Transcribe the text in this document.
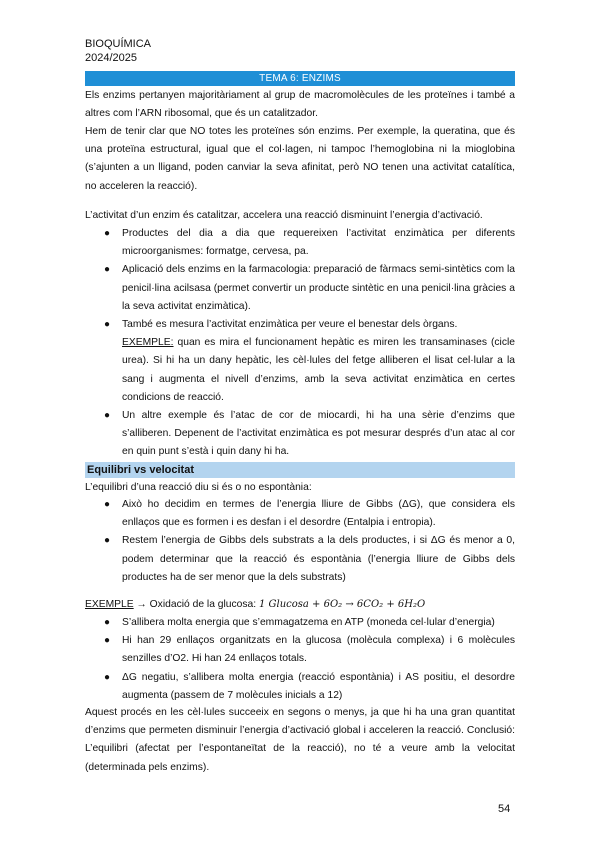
BIOQUÍMICA
2024/2025
TEMA 6: ENZIMS
Els enzims pertanyen majoritàriament al grup de macromolècules de les proteïnes i també a altres com l’ARN ribosomal, que és un catalitzador.
Hem de tenir clar que NO totes les proteïnes són enzims. Per exemple, la queratina, que és una proteïna estructural, igual que el col·lagen, ni tampoc l’hemoglobina ni la mioglobina (s’ajunten a un lligand, poden canviar la seva afinitat, però NO tenen una activitat catalítica, no acceleren la reacció).
L’activitat d’un enzim és catalitzar, accelera una reacció disminuint l’energia d’activació.
● Productes del dia a dia que requereixen l’activitat enzimàtica per diferents microorganismes: formatge, cervesa, pa.
● Aplicació dels enzims en la farmacologia: preparació de fàrmacs semi-sintètics com la penicil·lina acilsasa (permet convertir un producte sintètic en una penicil·lina gràcies a la seva activitat enzimàtica).
● També es mesura l’activitat enzimàtica per veure el benestar dels òrgans.
EXEMPLE: quan es mira el funcionament hepàtic es miren les transaminases (cicle urea). Si hi ha un dany hepàtic, les cèl·lules del fetge alliberen el lisat cel·lular a la sang i augmenta el nivell d’enzims, amb la seva activitat enzimàtica en certes condicions de reacció.
● Un altre exemple és l’atac de cor de miocardi, hi ha una sèrie d’enzims que s’alliberen. Depenent de l’activitat enzimàtica es pot mesurar després d’un atac al cor en quin punt s’està i quin dany hi ha.
Equilibri vs velocitat
L’equilibri d’una reacció diu si és o no espontània:
● Això ho decidim en termes de l’energia lliure de Gibbs (ΔG), que considera els enllaços que es formen i es desfan i el desordre (Entalpia i entropia).
● Restem l’energia de Gibbs dels substrats a la dels productes, i si ΔG és menor a 0, podem determinar que la reacció és espontània (l’energia lliure de Gibbs dels productes ha de ser menor que la dels substrats)
EXEMPLE → Oxidació de la glucosa: 1 Glucosa + 6O₂ → 6CO₂ + 6H₂O
● S’allibera molta energia que s’emmagatzema en ATP (moneda cel·lular d’energia)
● Hi han 29 enllaços organitzats en la glucosa (molècula complexa) i 6 molècules senzilles d’O2. Hi han 24 enllaços totals.
● ΔG negatiu, s’allibera molta energia (reacció espontània) i AS positiu, el desordre augmenta (passem de 7 molècules inicials a 12)
Aquest procés en les cèl·lules succeeix en segons o menys, ja que hi ha una gran quantitat d’enzims que permeten disminuir l’energia d’activació global i acceleren la reacció. Conclusió: L’equilibri (afectat per l’espontaneïtat de la reacció), no té a veure amb la velocitat (determinada pels enzims).
54
